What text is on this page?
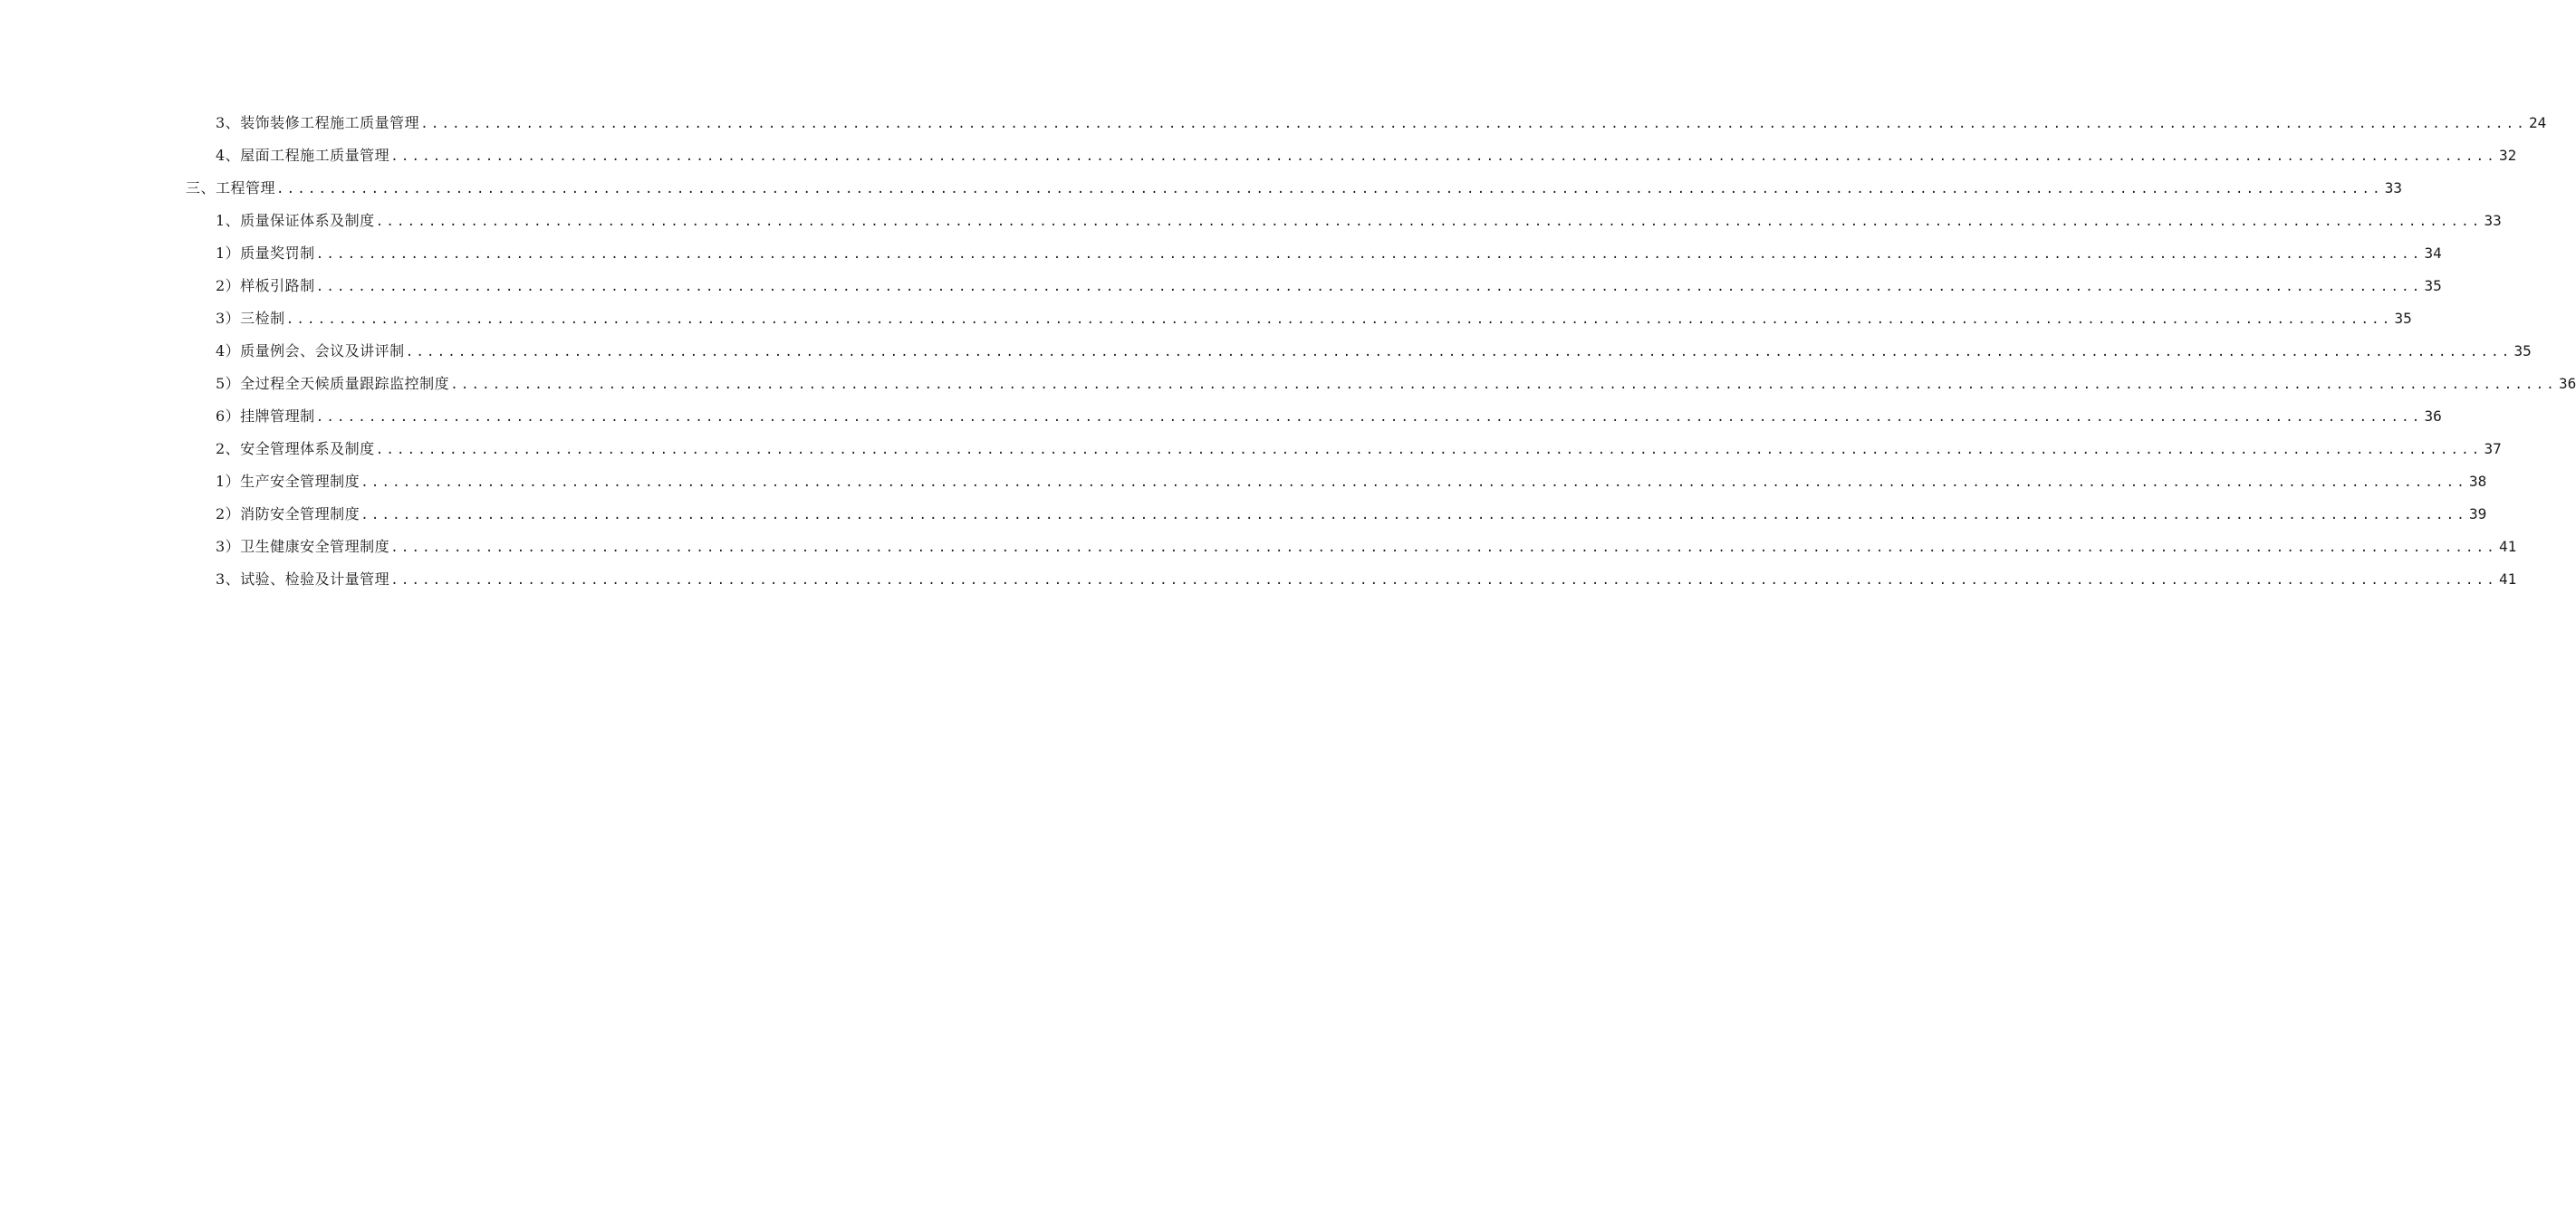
3、装饰装修工程施工质量管理 ........................................................................................................................................................................................................ 24
4、屋面工程施工质量管理 ........................................................................................................................................................................................................ 32
三、工程管理 ........................................................................................................................................................................................................ 33
1、质量保证体系及制度 ........................................................................................................................................................................................................ 33
1）质量奖罚制 ........................................................................................................................................................................................................ 34
2）样板引路制 ........................................................................................................................................................................................................ 35
3）三检制 ........................................................................................................................................................................................................ 35
4）质量例会、会议及讲评制 ........................................................................................................................................................................................................ 35
5）全过程全天候质量跟踪监控制度 ........................................................................................................................................................................................................ 36
6）挂牌管理制 ........................................................................................................................................................................................................ 36
2、安全管理体系及制度 ........................................................................................................................................................................................................ 37
1）生产安全管理制度 ........................................................................................................................................................................................................ 38
2）消防安全管理制度 ........................................................................................................................................................................................................ 39
3）卫生健康安全管理制度 ........................................................................................................................................................................................................ 41
3、试验、检验及计量管理 ........................................................................................................................................................................................................ 41
